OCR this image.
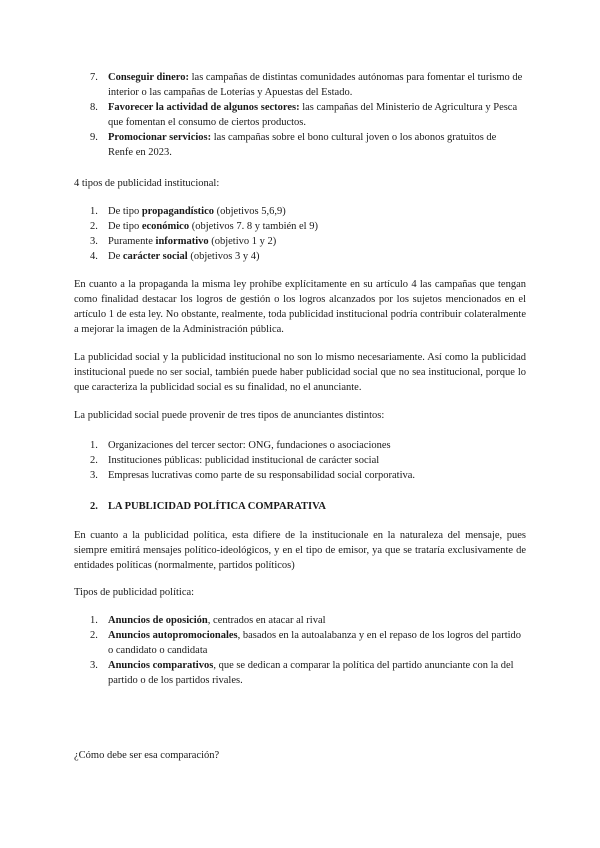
7. Conseguir dinero: las campañas de distintas comunidades autónomas para fomentar el turismo de interior o las campañas de Loterías y Apuestas del Estado.
8. Favorecer la actividad de algunos sectores: las campañas del Ministerio de Agricultura y Pesca que fomentan el consumo de ciertos productos.
9. Promocionar servicios: las campañas sobre el bono cultural joven o los abonos gratuitos de Renfe en 2023.
4 tipos de publicidad institucional:
1. De tipo propagandístico (objetivos 5,6,9)
2. De tipo económico (objetivos 7. 8 y también el 9)
3. Puramente informativo (objetivo 1 y 2)
4. De carácter social (objetivos 3 y 4)
En cuanto a la propaganda la misma ley prohíbe explícitamente en su artículo 4 las campañas que tengan como finalidad destacar los logros de gestión o los logros alcanzados por los sujetos mencionados en el artículo 1 de esta ley. No obstante, realmente, toda publicidad institucional podría contribuir colateralmente a mejorar la imagen de la Administración pública.
La publicidad social y la publicidad institucional no son lo mismo necesariamente. Así como la publicidad institucional puede no ser social, también puede haber publicidad social que no sea institucional, porque lo que caracteriza la publicidad social es su finalidad, no el anunciante.
La publicidad social puede provenir de tres tipos de anunciantes distintos:
1. Organizaciones del tercer sector: ONG, fundaciones o asociaciones
2. Instituciones públicas: publicidad institucional de carácter social
3. Empresas lucrativas como parte de su responsabilidad social corporativa.
2. LA PUBLICIDAD POLÍTICA COMPARATIVA
En cuanto a la publicidad política, esta difiere de la institucionale en la naturaleza del mensaje, pues siempre emitirá mensajes político-ideológicos, y en el tipo de emisor, ya que se trataría exclusivamente de entidades políticas (normalmente, partidos políticos)
Tipos de publicidad política:
1. Anuncios de oposición, centrados en atacar al rival
2. Anuncios autopromocionales, basados en la autoalabanza y en el repaso de los logros del partido o candidato o candidata
3. Anuncios comparativos, que se dedican a comparar la política del partido anunciante con la del partido o de los partidos rivales.
¿Cómo debe ser esa comparación?
